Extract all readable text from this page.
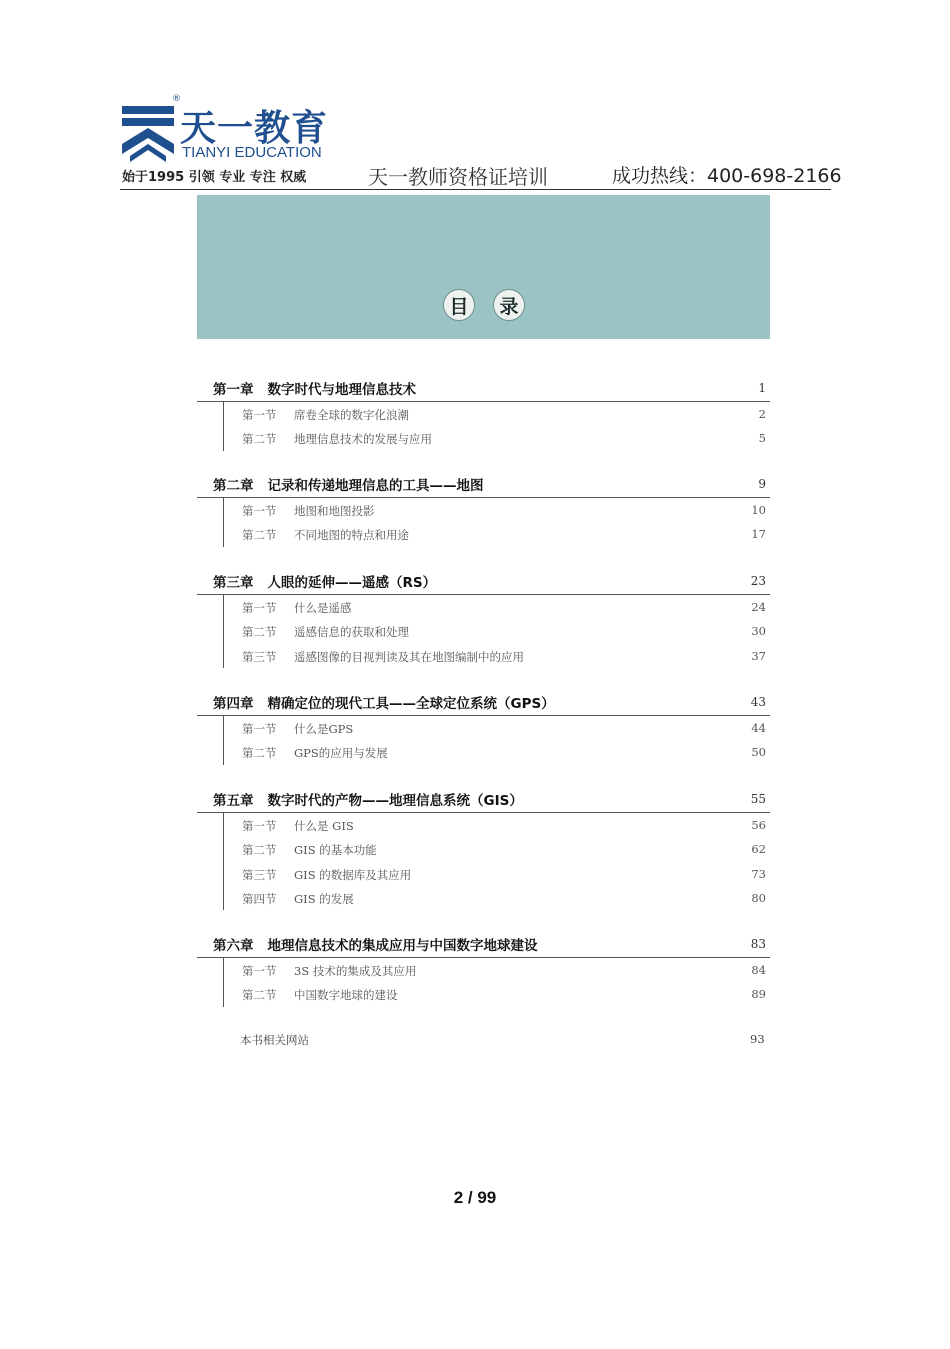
®
天一教育
TIANYI EDUCATION
始于1995 引领 专业 专注 权威	天一教师资格证培训	成功热线：400-698-2166
目	录
第一章 数字时代与地理信息技术	1
第一节 席卷全球的数字化浪潮	2
第二节 地理信息技术的发展与应用	5
第二章 记录和传递地理信息的工具——地图	9
第一节 地图和地图投影	10
第二节 不同地图的特点和用途	17
第三章 人眼的延伸——遥感（RS）	23
第一节 什么是遥感	24
第二节 遥感信息的获取和处理	30
第三节 遥感图像的目视判读及其在地图编制中的应用	37
第四章 精确定位的现代工具——全球定位系统（GPS）	43
第一节 什么是GPS	44
第二节 GPS的应用与发展	50
第五章 数字时代的产物——地理信息系统（GIS）	55
第一节 什么是 GIS	56
第二节 GIS 的基本功能	62
第三节 GIS 的数据库及其应用	73
第四节 GIS 的发展	80
第六章 地理信息技术的集成应用与中国数字地球建设	83
第一节 3S 技术的集成及其应用	84
第二节 中国数字地球的建设	89
本书相关网站	93
2 / 99
